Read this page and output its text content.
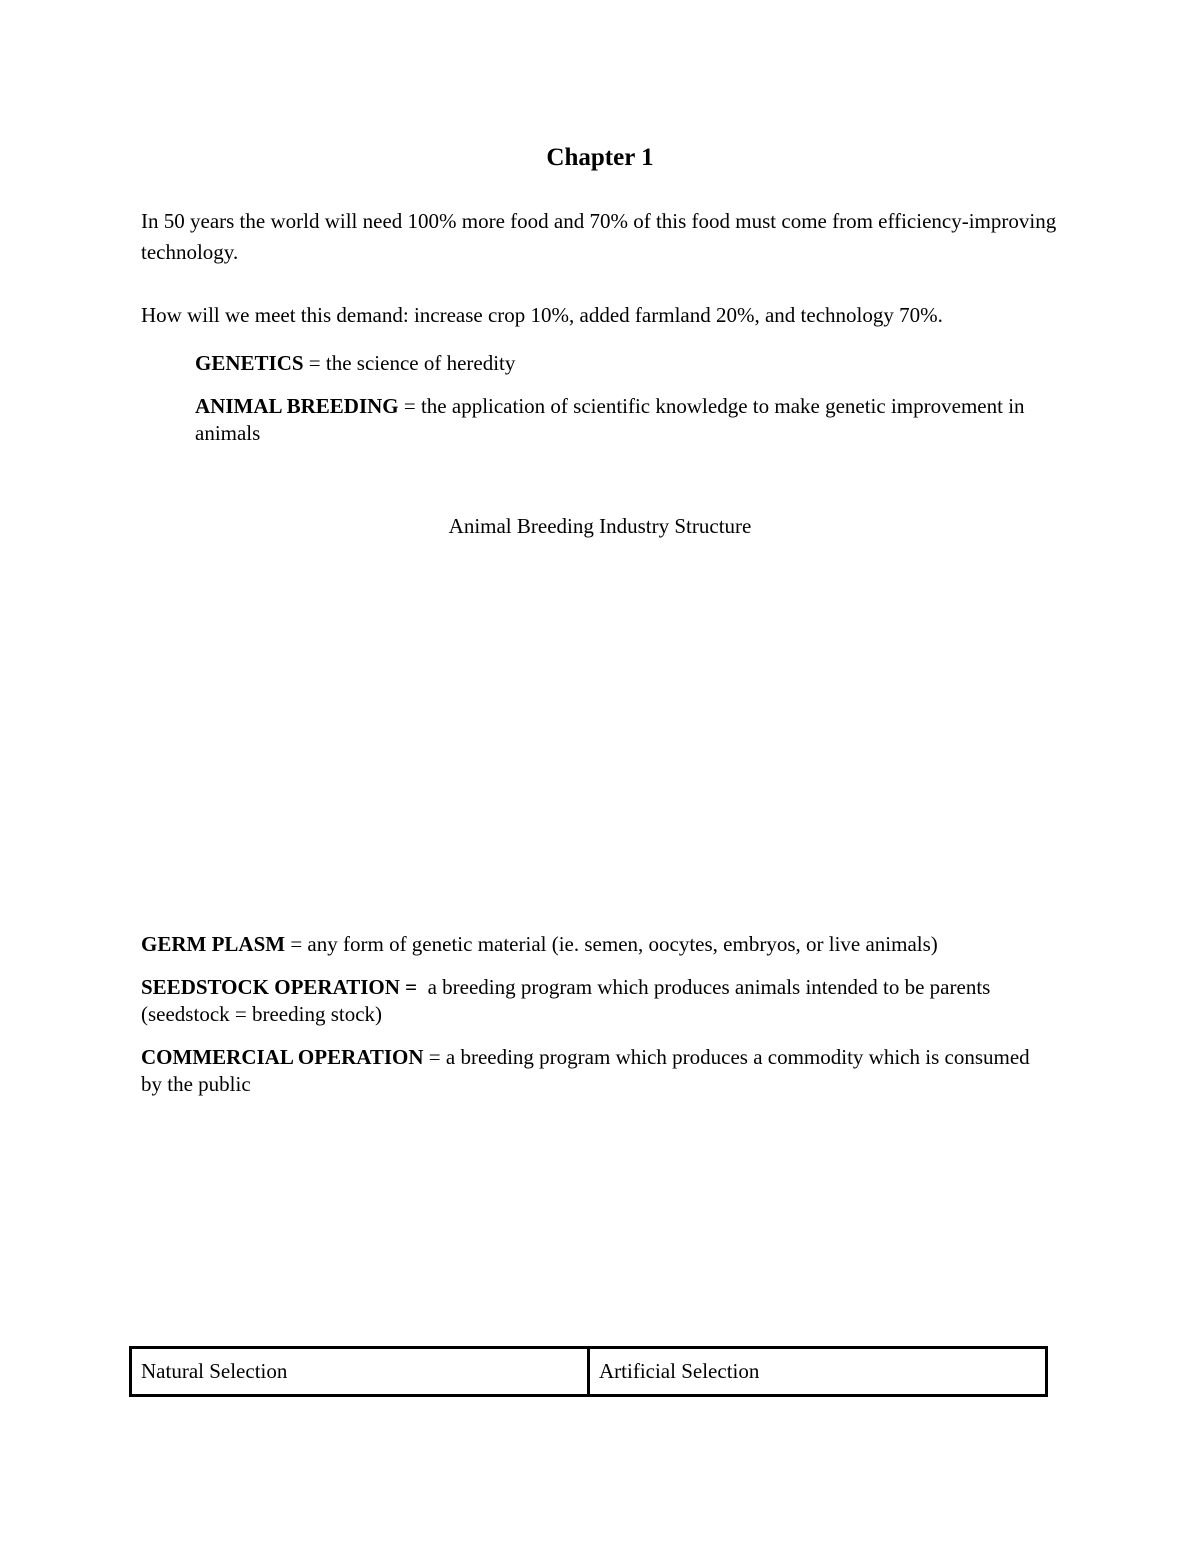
Chapter 1
In 50 years the world will need 100% more food and 70% of this food must come from efficiency-improving technology.
How will we meet this demand: increase crop 10%, added farmland 20%, and technology 70%.
GENETICS = the science of heredity
ANIMAL BREEDING = the application of scientific knowledge to make genetic improvement in animals
Animal Breeding Industry Structure
GERM PLASM = any form of genetic material (ie. semen, oocytes, embryos, or live animals)
SEEDSTOCK OPERATION =  a breeding program which produces animals intended to be parents (seedstock = breeding stock)
COMMERCIAL OPERATION = a breeding program which produces a commodity which is consumed by the public
Natural Selection	Artificial Selection
